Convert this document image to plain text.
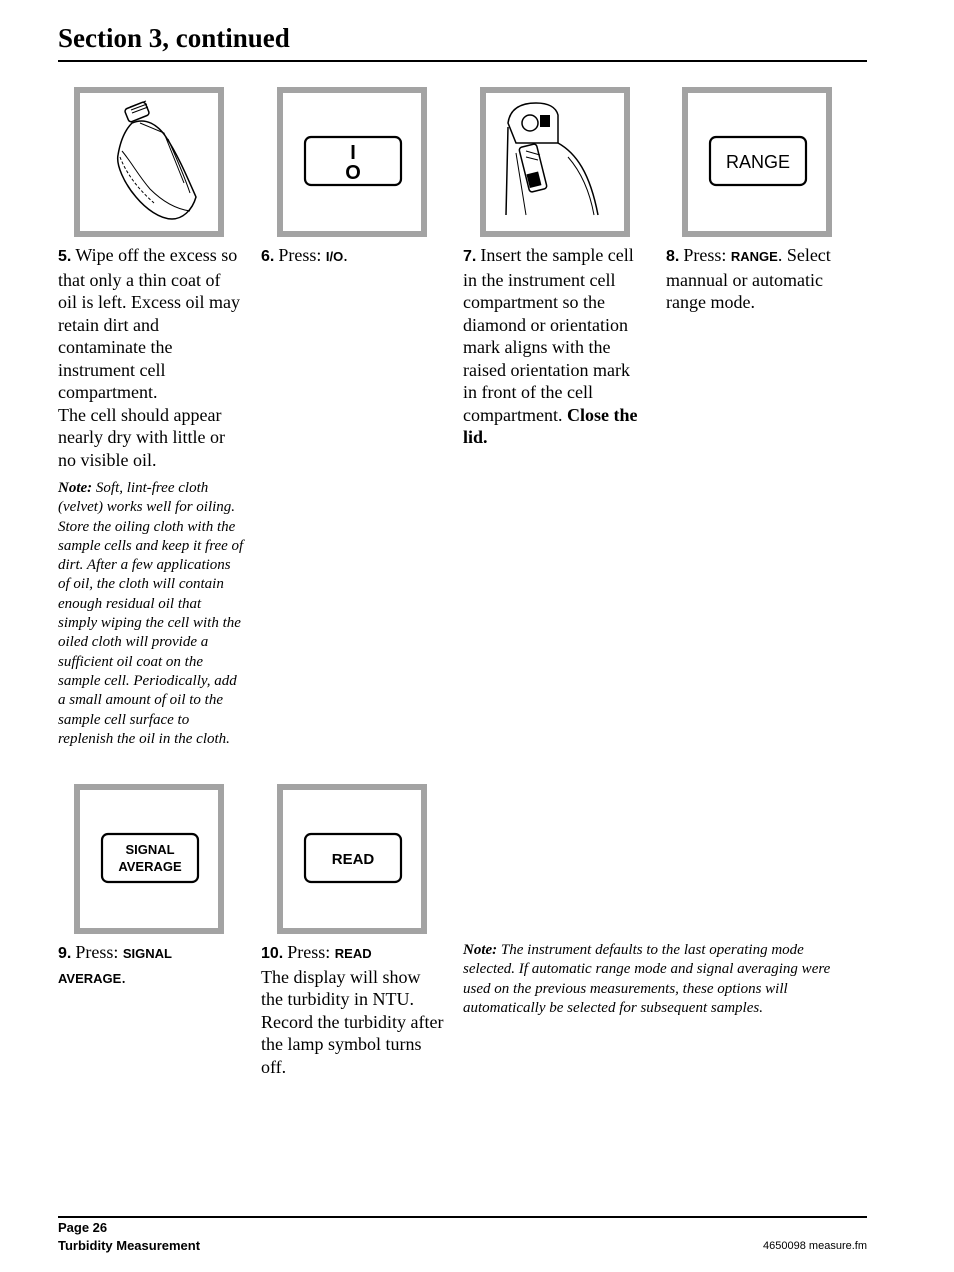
Section 3, continued
I
O	RANGE

5. Wipe off the excess so that only a thin coat of oil is left. Excess oil may retain dirt and contaminate the instrument cell compartment.

The cell should appear nearly dry with little or no visible oil.

Note: Soft, lint-free cloth (velvet) works well for oiling. Store the oiling cloth with the sample cells and keep it free of dirt. After a few applications of oil, the cloth will contain enough residual oil that simply wiping the cell with the oiled cloth will provide a sufficient oil coat on the sample cell. Periodically, add a small amount of oil to the sample cell surface to replenish the oil in the cloth.
6. Press: I/O.	7. Insert the sample cell in the instrument cell compartment so the diamond or orientation mark aligns with the raised orientation mark in front of the cell compartment. Close the lid.
8. Press: RANGE. Select mannual or automatic range mode.
SIGNAL
AVERAGE	READ
9. Press: SIGNAL AVERAGE.

10. Press: READ

The display will show the turbidity in NTU. Record the turbidity after the lamp symbol turns off.

Note: The instrument defaults to the last operating mode selected. If automatic range mode and signal averaging were used on the previous measurements, these options will automatically be selected for subsequent samples.
Page 26
Turbidity Measurement	4650098 measure.fm
